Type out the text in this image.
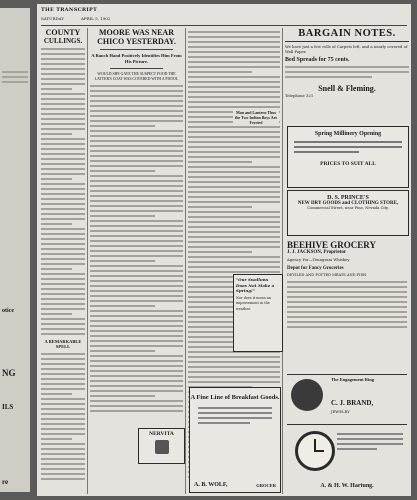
otice
NG
ILS
re
THE TRANSCRIPT
SATURDAY	APRIL 5, 1902
COUNTY
CULLINGS.
A REMARKABLE SPELL
MOORE WAS NEAR CHICO YESTERDAY.
A Ranch Hand Positively Identifies Him From His Picture.
WOULD SHE GAVE THE SUSPECT FOOD THE LATTER'S COAT WAS COVERED WITH A PISTOL
Man and Lantern Thus the Two Indian Boys Are Ferried
BARGAIN NOTES.
We have just a few rolls of Carpets left, and a nearly covered of Wall Paper.
Bed Spreads for 75 cents.
Snell & Fleming.
Telephone 321
Spring Millinery Opening
PRICES TO SUIT ALL
D. S. PRINCE'S
NEW DRY GOODS and CLOTHING STORE,
Commercial Street, near Pine, Nevada City.
BEEHIVE GROCERY
J. J. JACKSON, Proprietor
Agency For—Tenngram Whiskey
Depot for Fancy Groceries
DEVILED AND POTTED MEATS AND FISH
"Our Swallows Does Not Make a Spring!"
Nor does it mean an improvement in the weather.
A Fine Line of Breakfast Goods.
A. B. WOLF,	GROCER
NERVITA
The Engagement Ring
C. J. BRAND,
JEWELRY
A. & H. W. Hartung.
